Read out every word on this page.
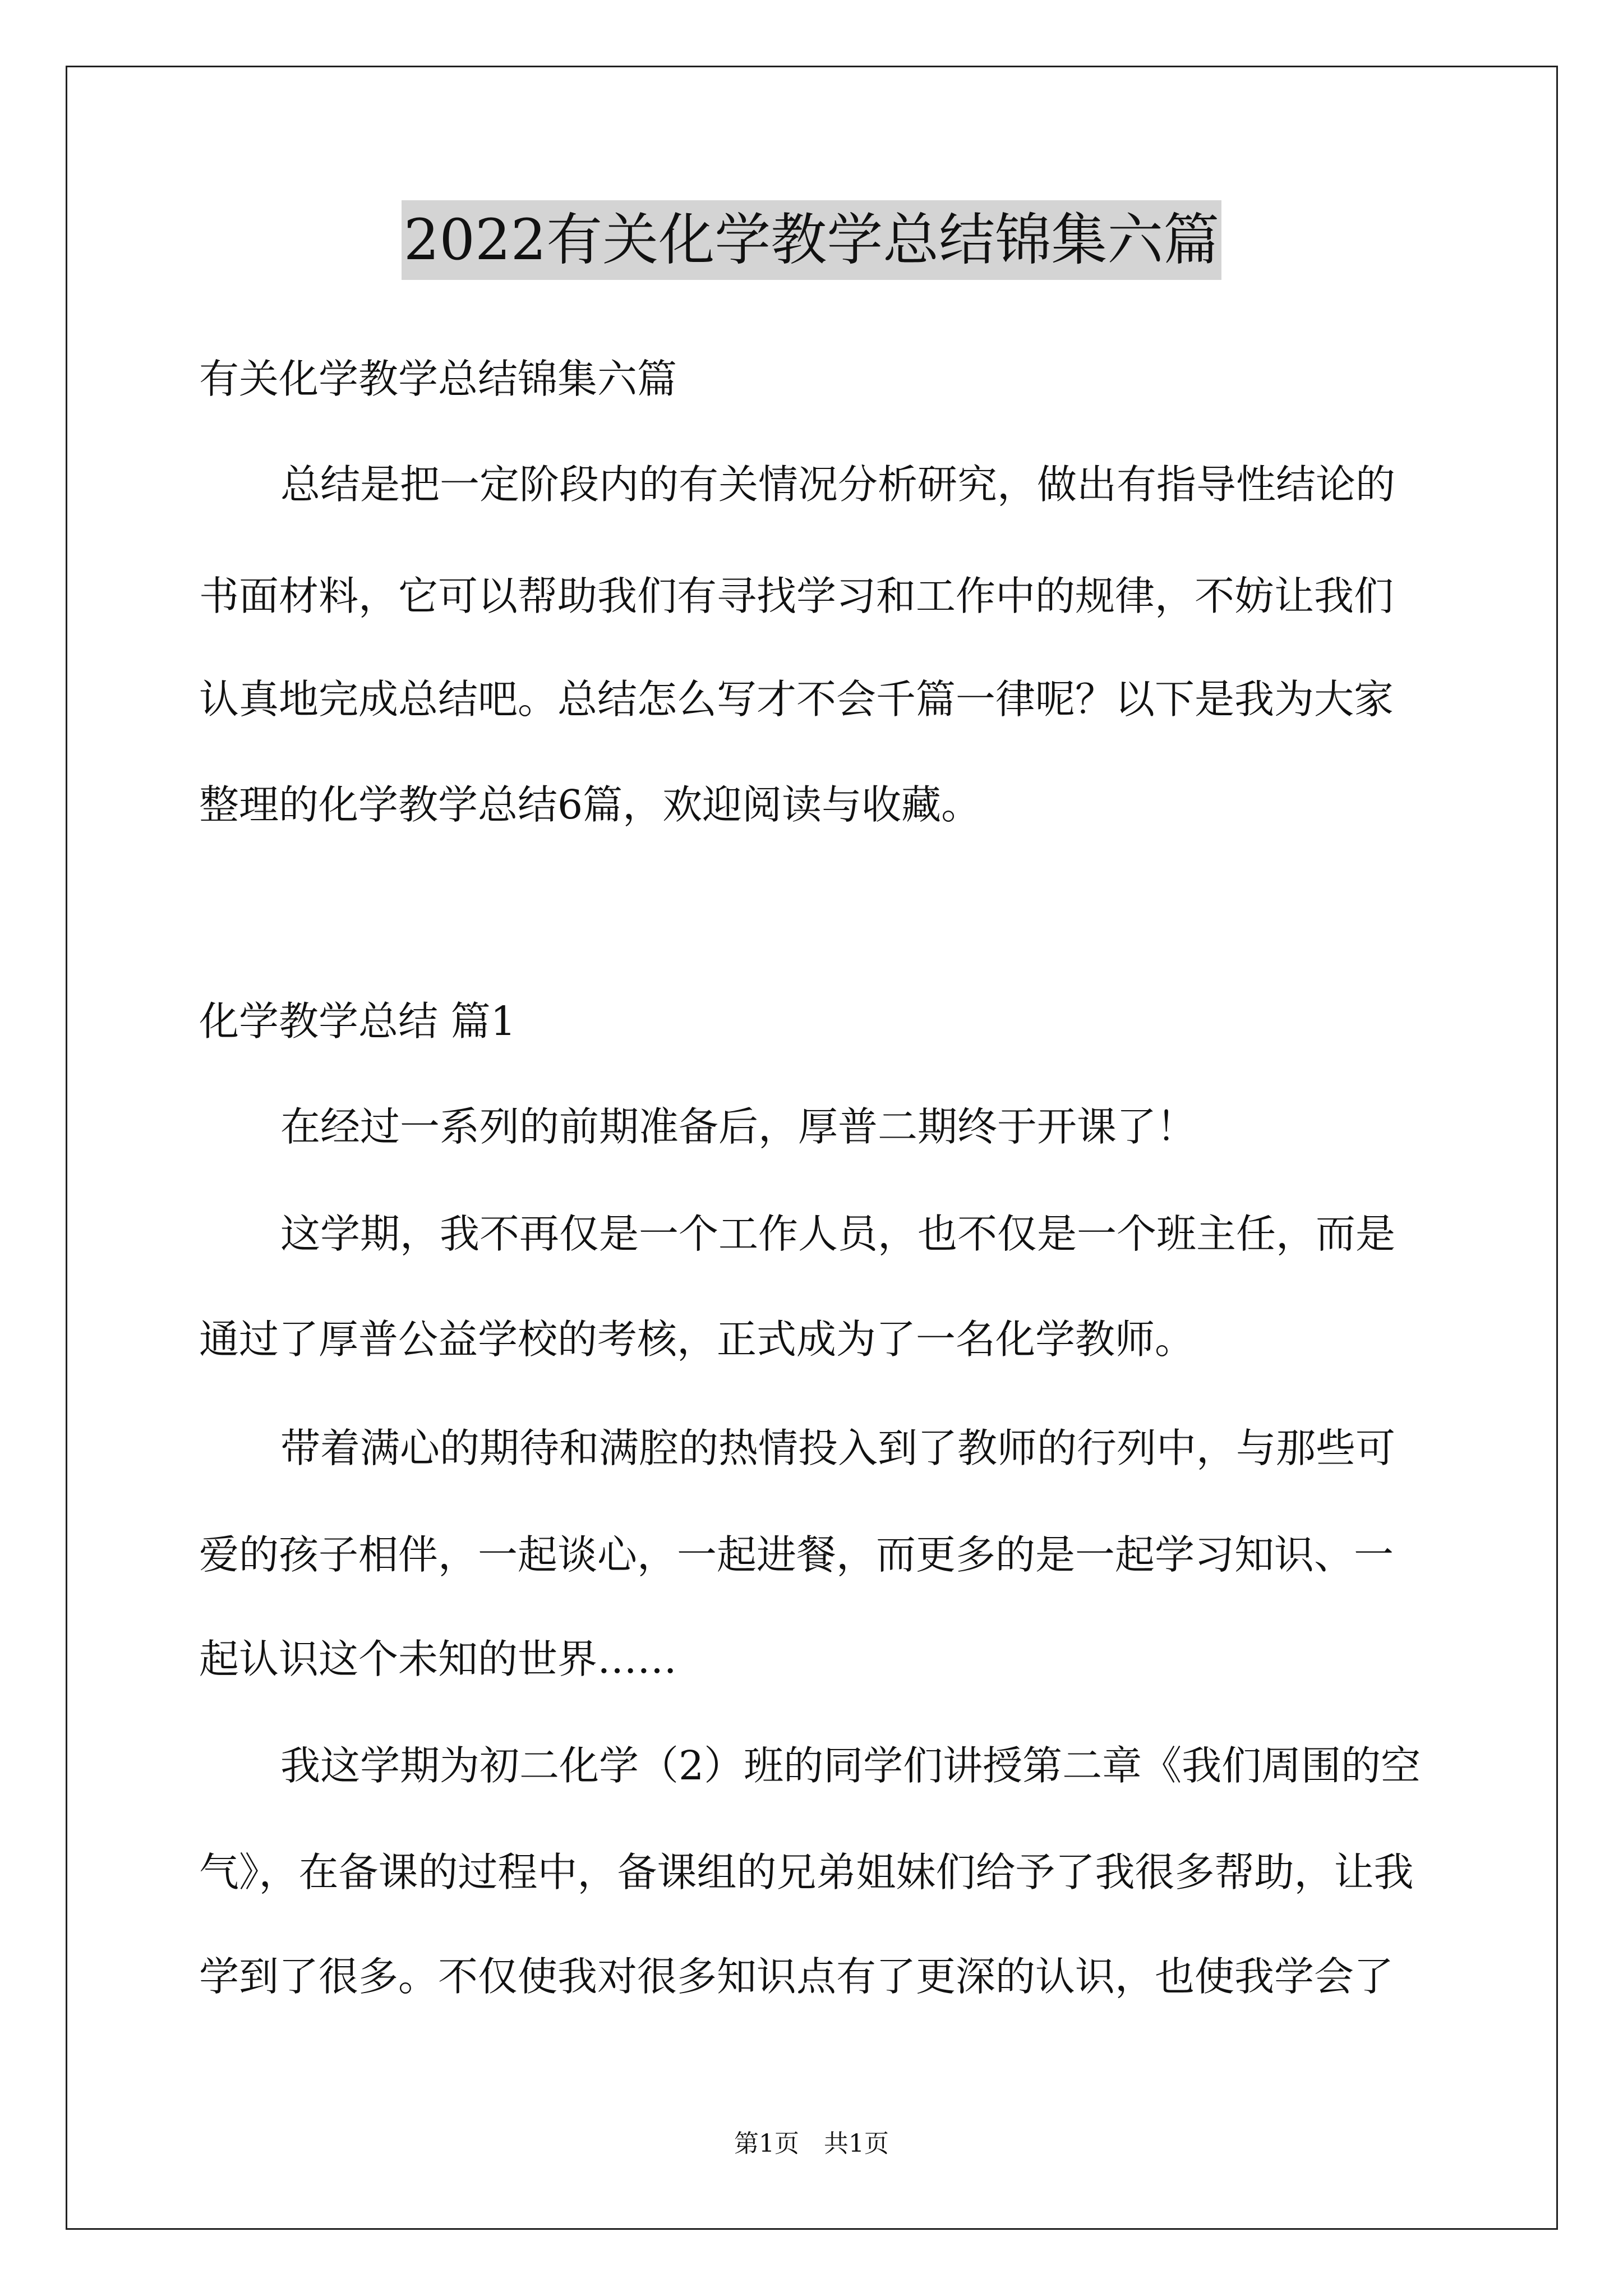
2022有关化学教学总结锦集六篇
有关化学教学总结锦集六篇
总结是把一定阶段内的有关情况分析研究，做出有指导性结论的
书面材料，它可以帮助我们有寻找学习和工作中的规律，不妨让我们
认真地完成总结吧。总结怎么写才不会千篇一律呢？以下是我为大家
整理的化学教学总结6篇，欢迎阅读与收藏。
化学教学总结 篇1
在经过一系列的前期准备后，厚普二期终于开课了！
这学期，我不再仅是一个工作人员，也不仅是一个班主任，而是
通过了厚普公益学校的考核，正式成为了一名化学教师。
带着满心的期待和满腔的热情投入到了教师的行列中，与那些可
爱的孩子相伴，一起谈心，一起进餐，而更多的是一起学习知识、一
起认识这个未知的世界……
我这学期为初二化学（2）班的同学们讲授第二章《我们周围的空
气》，在备课的过程中，备课组的兄弟姐妹们给予了我很多帮助，让我
学到了很多。不仅使我对很多知识点有了更深的认识，也使我学会了
第1页　共1页
